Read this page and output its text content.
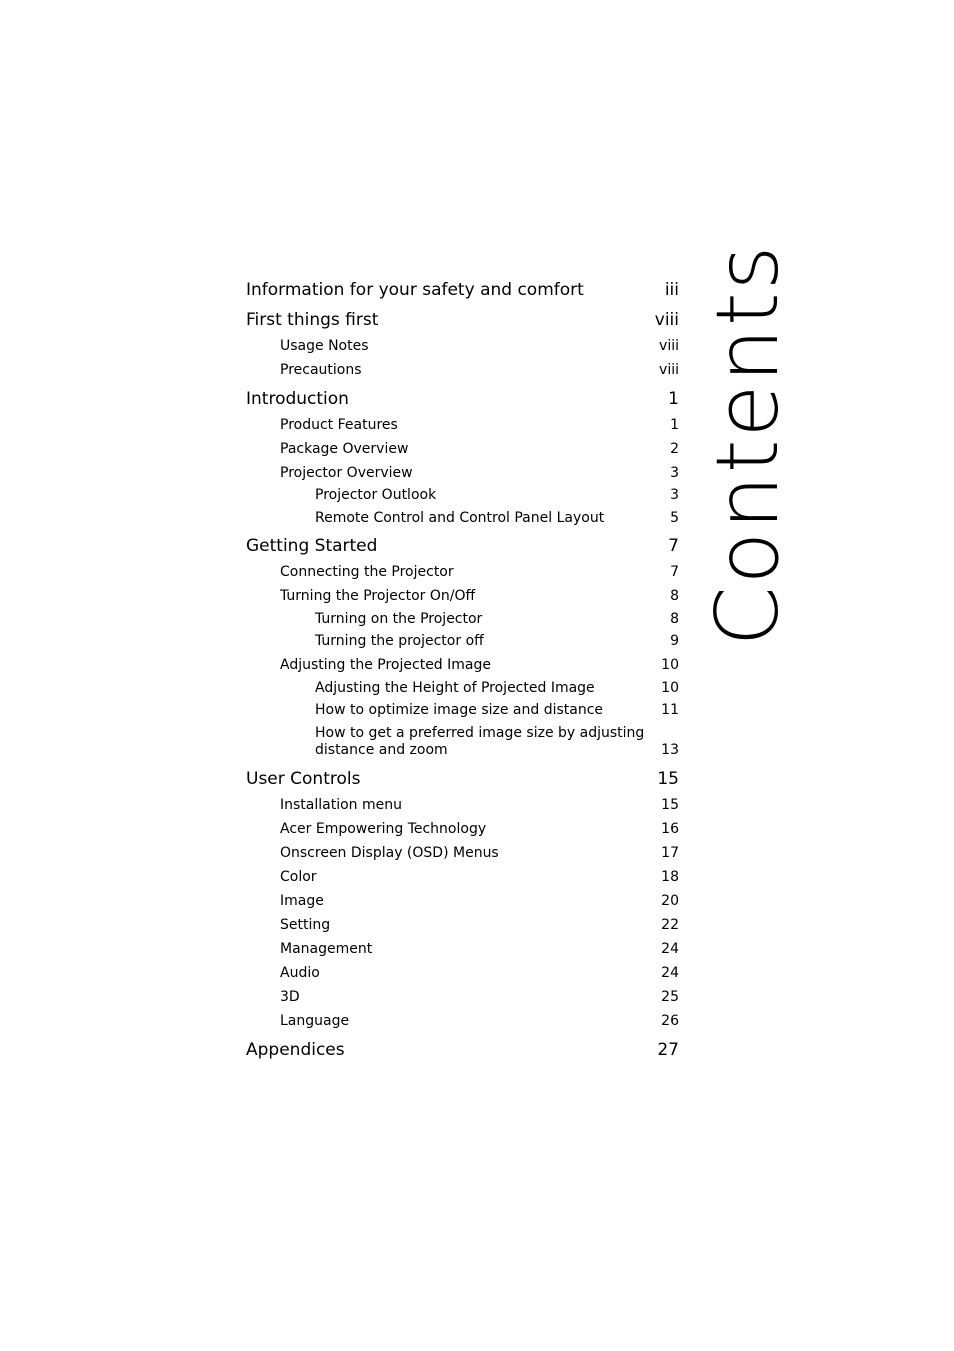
Information for your safety and comfort	iii
First things first	viii
Usage Notes	viii
Precautions	viii
Introduction	1
Product Features	1
Package Overview	2
Projector Overview	3
Projector Outlook	3
Remote Control and Control Panel Layout	5
Getting Started	7
Connecting the Projector	7
Turning the Projector On/Off	8
Turning on the Projector	8
Turning the projector off	9
Adjusting the Projected Image	10
Adjusting the Height of Projected Image	10
How to optimize image size and distance	11
How to get a preferred image size by adjusting
distance and zoom	13
User Controls	15
Installation menu	15
Acer Empowering Technology	16
Onscreen Display (OSD) Menus	17
Color	18
Image	20
Setting	22
Management	24
Audio	24
3D	25
Language	26
Appendices	27
Contents
